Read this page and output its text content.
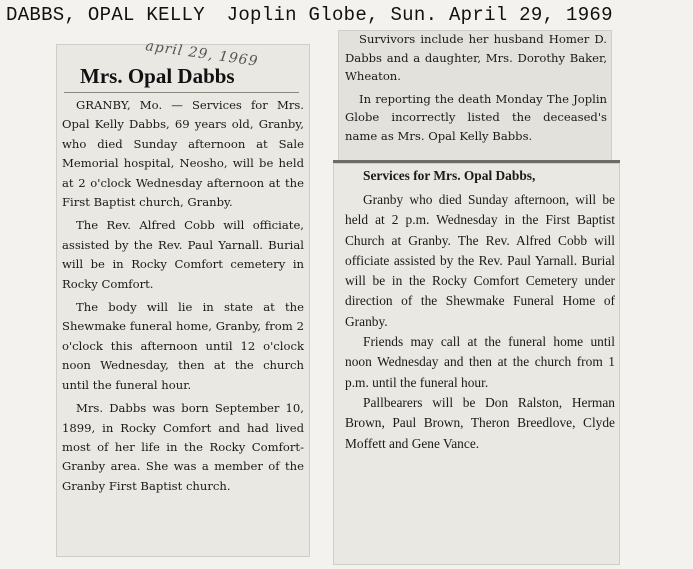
DABBS, OPAL KELLY Joplin Globe, Sun. April 29, 1969
april 29, 1969
Mrs. Opal Dabbs

GRANBY, Mo. — Services for Mrs. Opal Kelly Dabbs, 69 years old, Granby, who died Sunday afternoon at Sale Memorial hospital, Neosho, will be held at 2 o'clock Wednesday afternoon at the First Baptist church, Granby.

The Rev. Alfred Cobb will officiate, assisted by the Rev. Paul Yarnall. Burial will be in Rocky Comfort cemetery in Rocky Comfort.

The body will lie in state at the Shewmake funeral home, Granby, from 2 o'clock this afternoon until 12 o'clock noon Wednesday, then at the church until the funeral hour.

Mrs. Dabbs was born September 10, 1899, in Rocky Comfort and had lived most of her life in the Rocky Comfort-Granby area. She was a member of the Granby First Baptist church.

Survivors include her husband Homer D. Dabbs and a daughter, Mrs. Dorothy Baker, Wheaton.

In reporting the death Monday The Joplin Globe incorrectly listed the deceased's name as Mrs. Opal Kelly Babbs.

Services for Mrs. Opal Dabbs,

Granby who died Sunday afternoon, will be held at 2 p.m. Wednesday in the First Baptist Church at Granby. The Rev. Alfred Cobb will officiate assisted by the Rev. Paul Yarnall. Burial will be in the Rocky Comfort Cemetery under direction of the Shewmake Funeral Home of Granby.

Friends may call at the funeral home until noon Wednesday and then at the church from 1 p.m. until the funeral hour.

Pallbearers will be Don Ralston, Herman Brown, Paul Brown, Theron Breedlove, Clyde Moffett and Gene Vance.
